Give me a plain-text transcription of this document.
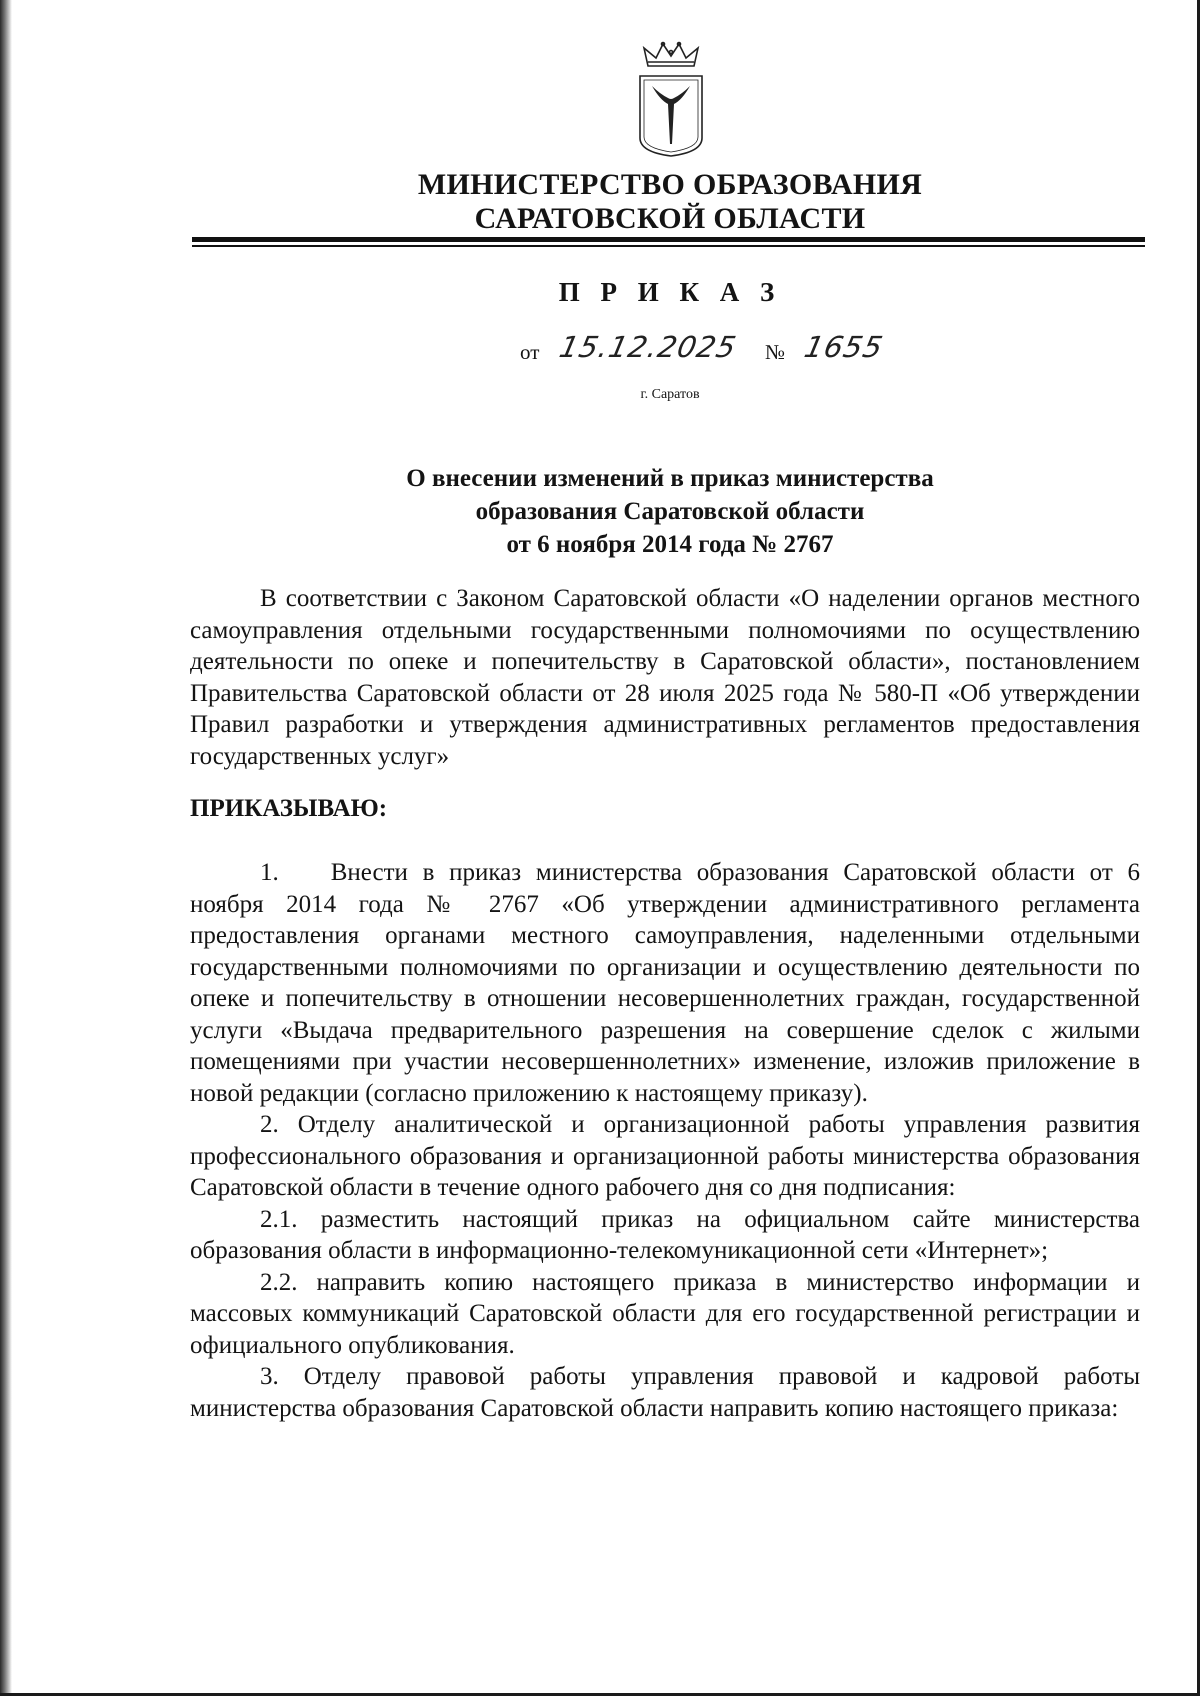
МИНИСТЕРСТВО ОБРАЗОВАНИЯ
САРАТОВСКОЙ ОБЛАСТИ
П Р И К А З
от 15.12.2025 № 1655
г. Саратов
О внесении изменений в приказ министерства
образования Саратовской области
от 6 ноября 2014 года № 2767

В соответствии с Законом Саратовской области «О наделении органов местного самоуправления отдельными государственными полномочиями по осуществлению деятельности по опеке и попечительству в Саратовской области», постановлением Правительства Саратовской области от 28 июля 2025 года № 580-П «Об утверждении Правил разработки и утверждения административных регламентов предоставления государственных услуг»

ПРИКАЗЫВАЮ:

1. Внести в приказ министерства образования Саратовской области от 6 ноября 2014 года № 2767 «Об утверждении административного регламента предоставления органами местного самоуправления, наделенными отдельными государственными полномочиями по организации и осуществлению деятельности по опеке и попечительству в отношении несовершеннолетних граждан, государственной услуги «Выдача предварительного разрешения на совершение сделок с жилыми помещениями при участии несовершеннолетних» изменение, изложив приложение в новой редакции (согласно приложению к настоящему приказу).

2. Отделу аналитической и организационной работы управления развития профессионального образования и организационной работы министерства образования Саратовской области в течение одного рабочего дня со дня подписания:

2.1. разместить настоящий приказ на официальном сайте министерства образования области в информационно-телекомуникационной сети «Интернет»;

2.2. направить копию настоящего приказа в министерство информации и массовых коммуникаций Саратовской области для его государственной регистрации и официального опубликования.

3. Отделу правовой работы управления правовой и кадровой работы министерства образования Саратовской области направить копию настоящего приказа:
